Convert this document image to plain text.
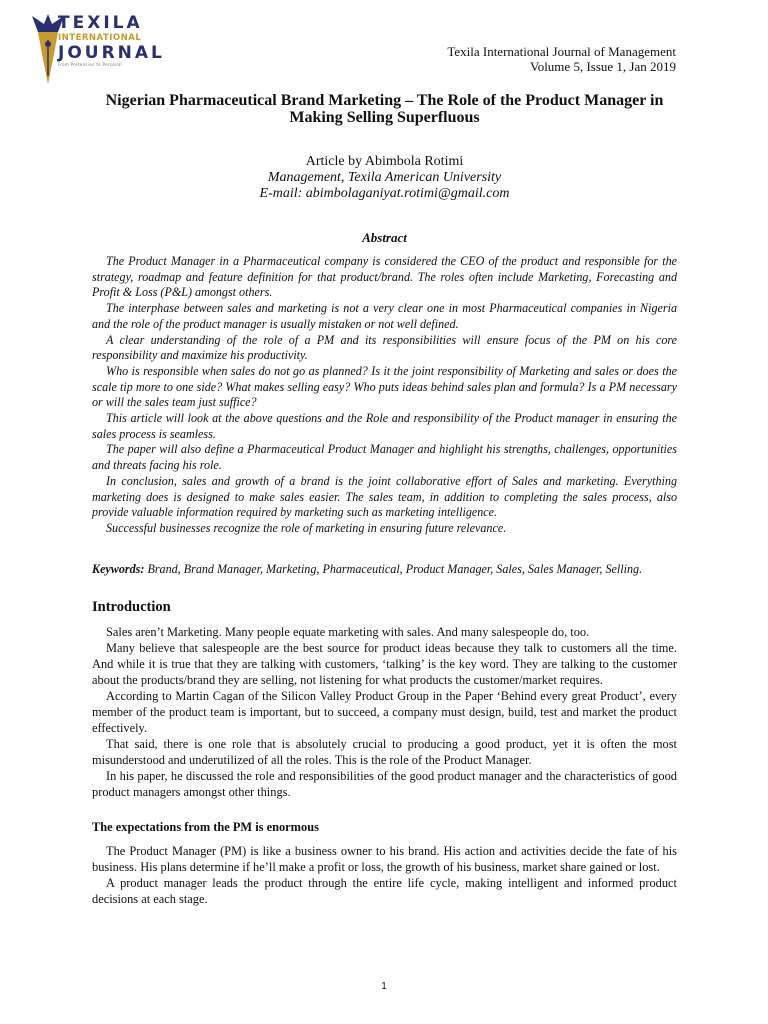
TEXILA
INTERNATIONAL
JOURNAL
From Pretension to Personal
Texila International Journal of Management
Volume 5, Issue 1, Jan 2019
Nigerian Pharmaceutical Brand Marketing – The Role of the Product Manager in Making Selling Superfluous
Article by Abimbola Rotimi
Management, Texila American University
E-mail: abimbolaganiyat.rotimi@gmail.com
Abstract

The Product Manager in a Pharmaceutical company is considered the CEO of the product and responsible for the strategy, roadmap and feature definition for that product/brand. The roles often include Marketing, Forecasting and Profit & Loss (P&L) amongst others.

The interphase between sales and marketing is not a very clear one in most Pharmaceutical companies in Nigeria and the role of the product manager is usually mistaken or not well defined.

A clear understanding of the role of a PM and its responsibilities will ensure focus of the PM on his core responsibility and maximize his productivity.

Who is responsible when sales do not go as planned? Is it the joint responsibility of Marketing and sales or does the scale tip more to one side? What makes selling easy? Who puts ideas behind sales plan and formula? Is a PM necessary or will the sales team just suffice?

This article will look at the above questions and the Role and responsibility of the Product manager in ensuring the sales process is seamless.

The paper will also define a Pharmaceutical Product Manager and highlight his strengths, challenges, opportunities and threats facing his role.

In conclusion, sales and growth of a brand is the joint collaborative effort of Sales and marketing. Everything marketing does is designed to make sales easier. The sales team, in addition to completing the sales process, also provide valuable information required by marketing such as marketing intelligence.

Successful businesses recognize the role of marketing in ensuring future relevance.

Keywords: Brand, Brand Manager, Marketing, Pharmaceutical, Product Manager, Sales, Sales Manager, Selling.
Introduction

Sales aren’t Marketing. Many people equate marketing with sales. And many salespeople do, too.

Many believe that salespeople are the best source for product ideas because they talk to customers all the time. And while it is true that they are talking with customers, ‘talking’ is the key word. They are talking to the customer about the products/brand they are selling, not listening for what products the customer/market requires.

According to Martin Cagan of the Silicon Valley Product Group in the Paper ‘Behind every great Product’, every member of the product team is important, but to succeed, a company must design, build, test and market the product effectively.

That said, there is one role that is absolutely crucial to producing a good product, yet it is often the most misunderstood and underutilized of all the roles. This is the role of the Product Manager.

In his paper, he discussed the role and responsibilities of the good product manager and the characteristics of good product managers amongst other things.

The expectations from the PM is enormous

The Product Manager (PM) is like a business owner to his brand. His action and activities decide the fate of his business. His plans determine if he’ll make a profit or loss, the growth of his business, market share gained or lost.

A product manager leads the product through the entire life cycle, making intelligent and informed product decisions at each stage.

1
